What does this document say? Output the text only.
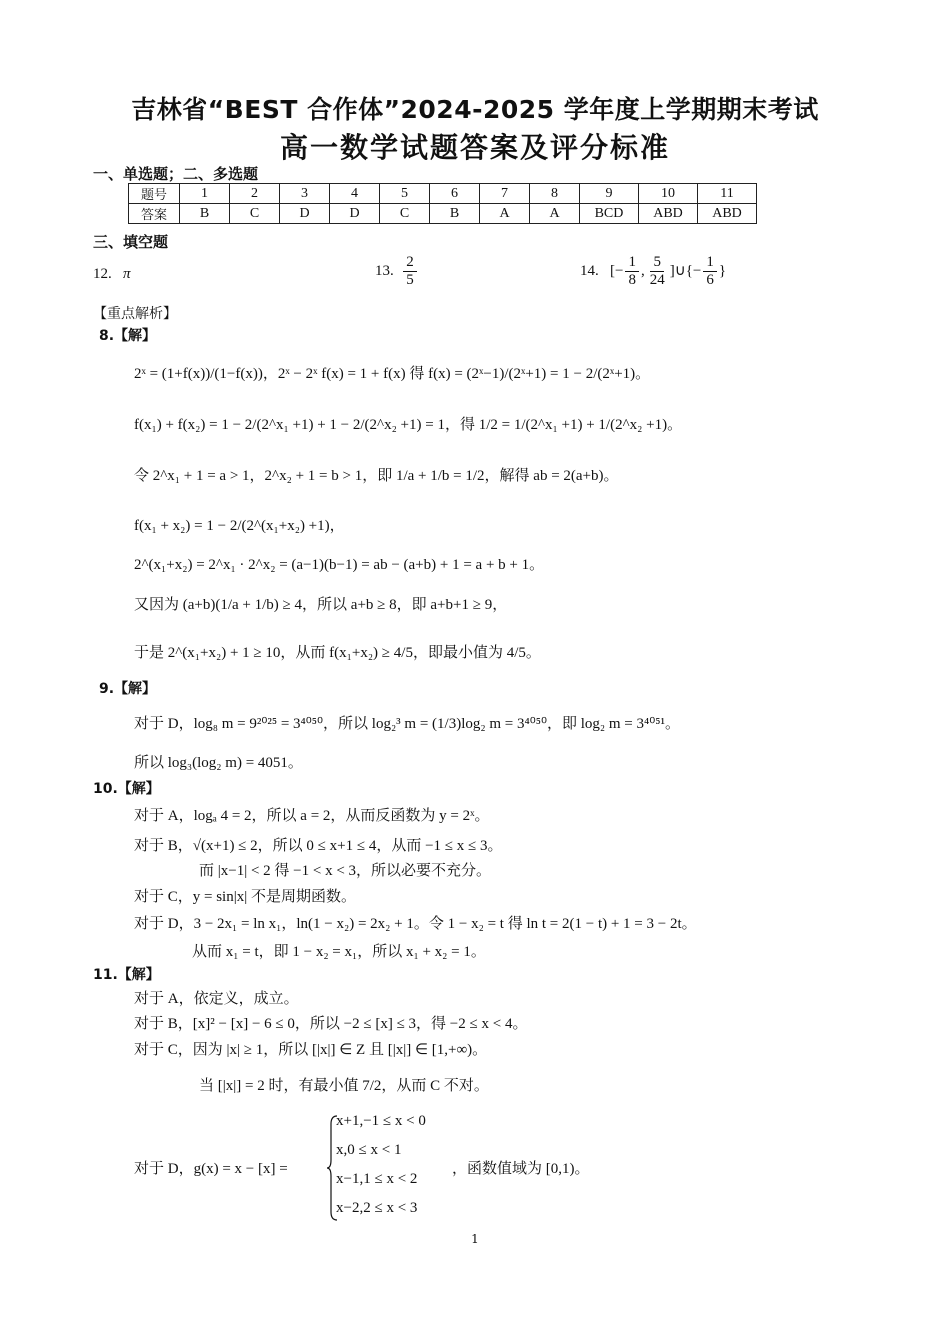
吉林省“BEST 合作体”2024-2025 学年度上学期期末考试
高一数学试题答案及评分标准
一、单选题；二、多选题
题号	1	2	3	4	5	6	7	8	9	10	11
答案	B	C	D	D	C	B	A	A	BCD	ABD	ABD
三、填空题
12. π	13. $\frac{2}{5}$	14. [− $\frac{1}{8}$ , $\frac{5}{24}$ ]∪{− $\frac{1}{6}$ }
【重点解析】
8.【解】
2ˣ = (1+f(x))/(1−f(x))，2ˣ − 2ˣ f(x) = 1 + f(x) 得 f(x) = (2ˣ−1)/(2ˣ+1) = 1 − 2/(2ˣ+1)。
f(x₁) + f(x₂) = 1 − 2/(2^x₁ +1) + 1 − 2/(2^x₂ +1) = 1，得 1/2 = 1/(2^x₁ +1) + 1/(2^x₂ +1)。
令 2^x₁ + 1 = a > 1，2^x₂ + 1 = b > 1，即 1/a + 1/b = 1/2，解得 ab = 2(a+b)。
f(x₁ + x₂) = 1 − 2/(2^(x₁+x₂) +1)，
2^(x₁+x₂) = 2^x₁ · 2^x₂ = (a−1)(b−1) = ab − (a+b) + 1 = a + b + 1。
又因为 (a+b)(1/a + 1/b) ≥ 4，所以 a+b ≥ 8，即 a+b+1 ≥ 9，
于是 2^(x₁+x₂) + 1 ≥ 10，从而 f(x₁+x₂) ≥ 4/5，即最小值为 4/5。
9.【解】
对于 D，log₈ m = 9²⁰²⁵ = 3⁴⁰⁵⁰，所以 log₂³ m = (1/3)log₂ m = 3⁴⁰⁵⁰，即 log₂ m = 3⁴⁰⁵¹。
所以 log₃(log₂ m) = 4051。
10.【解】
对于 A，logₐ 4 = 2，所以 a = 2，从而反函数为 y = 2ˣ。
对于 B，√(x+1) ≤ 2，所以 0 ≤ x+1 ≤ 4，从而 −1 ≤ x ≤ 3。
而 |x−1| < 2 得 −1 < x < 3，所以必要不充分。
对于 C，y = sin|x| 不是周期函数。
对于 D，3 − 2x₁ = ln x₁，ln(1 − x₂) = 2x₂ + 1。令 1 − x₂ = t 得 ln t = 2(1 − t) + 1 = 3 − 2t。
从而 x₁ = t，即 1 − x₂ = x₁，所以 x₁ + x₂ = 1。
11.【解】
对于 A，依定义，成立。
对于 B，[x]² − [x] − 6 ≤ 0，所以 −2 ≤ [x] ≤ 3，得 −2 ≤ x < 4。
对于 C，因为 |x| ≥ 1，所以 [|x|] ∈ Z 且 [|x|] ∈ [1,+∞)。
当 [|x|] = 2 时，有最小值 7/2，从而 C 不对。
对于 D，g(x) = x − [x] =
x+1,−1 ≤ x < 0
x,0 ≤ x < 1
x−1,1 ≤ x < 2
x−2,2 ≤ x < 3
，函数值域为 [0,1)。
1
